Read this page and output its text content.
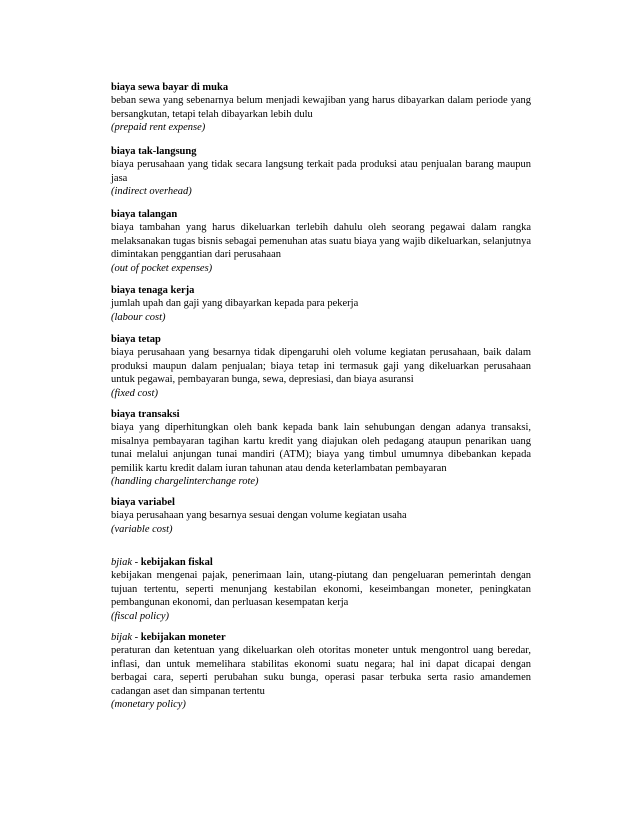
biaya sewa bayar di muka

beban sewa yang sebenarnya belum menjadi kewajiban yang harus dibayarkan dalam periode yang bersangkutan, tetapi telah dibayarkan lebih dulu

(prepaid rent expense)

biaya tak-langsung

biaya perusahaan yang tidak secara langsung terkait pada produksi atau penjualan barang maupun jasa

(indirect overhead)

biaya talangan

biaya tambahan yang harus dikeluarkan terlebih dahulu oleh seorang pegawai dalam rangka melaksanakan tugas bisnis sebagai pemenuhan atas suatu biaya yang wajib dikeluarkan, selanjutnya dimintakan penggantian dari perusahaan

(out of pocket expenses)

biaya tenaga kerja

jumlah upah dan gaji yang dibayarkan kepada para pekerja

(labour cost)

biaya tetap

biaya perusahaan yang besarnya tidak dipengaruhi oleh volume kegiatan perusahaan, baik dalam produksi maupun dalam penjualan; biaya tetap ini termasuk gaji yang dikeluarkan perusahaan untuk pegawai, pembayaran bunga, sewa, depresiasi, dan biaya asuransi

(fixed cost)

biaya transaksi

biaya yang diperhitungkan oleh bank kepada bank lain sehubungan dengan adanya transaksi, misalnya pembayaran tagihan kartu kredit yang diajukan oleh pedagang ataupun penarikan uang tunai melalui anjungan tunai mandiri (ATM); biaya yang timbul umumnya dibebankan kepada pemilik kartu kredit dalam iuran tahunan atau denda keterlambatan pembayaran

(handling chargelinterchange rote)

biaya variabel

biaya perusahaan yang besarnya sesuai dengan volume kegiatan usaha

(variable cost)

bjiak - kebijakan fiskal

kebijakan mengenai pajak, penerimaan lain, utang-piutang dan pengeluaran pemerintah dengan tujuan tertentu, seperti menunjang kestabilan ekonomi, keseimbangan moneter, peningkatan pembangunan ekonomi, dan perluasan kesempatan kerja

(fiscal policy)

bijak - kebijakan moneter

peraturan dan ketentuan yang dikeluarkan oleh otoritas moneter untuk mengontrol uang beredar, inflasi, dan untuk memelihara stabilitas ekonomi suatu negara; hal ini dapat dicapai dengan berbagai cara, seperti perubahan suku bunga, operasi pasar terbuka serta rasio amandemen cadangan aset dan simpanan tertentu

(monetary policy)
